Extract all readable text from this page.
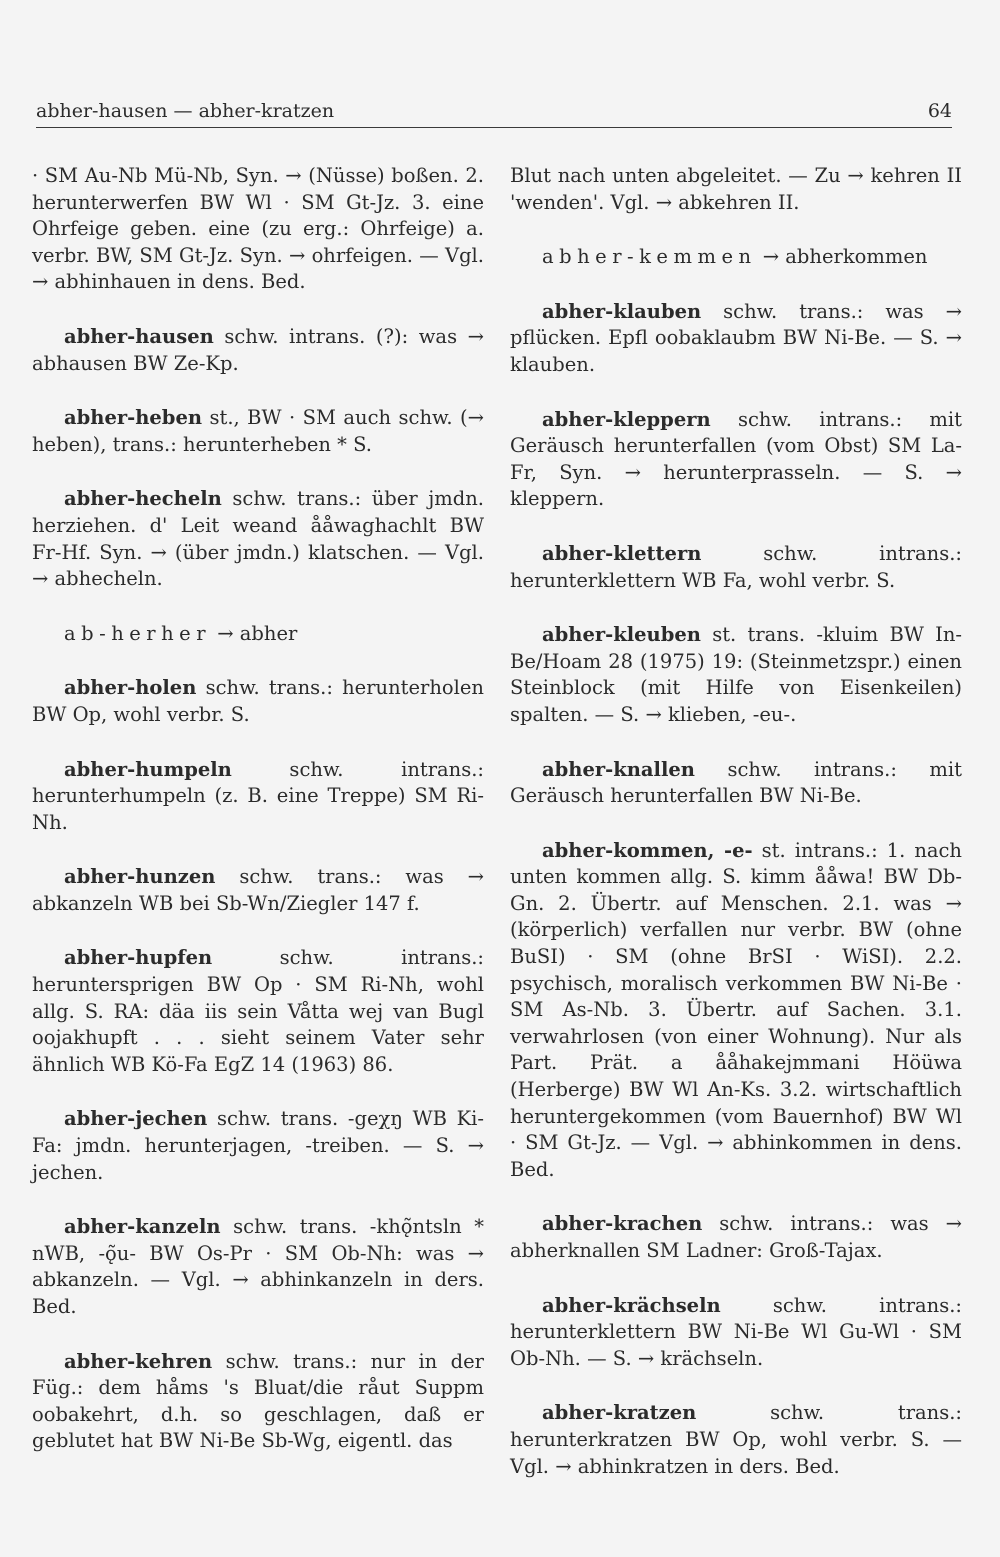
abher-hausen — abher-kratzen	64

· SM Au-Nb Mü-Nb, Syn. → (Nüsse) boßen. 2. herunterwerfen BW Wl · SM Gt-Jz. 3. eine Ohrfeige geben. eine (zu erg.: Ohrfeige) a. verbr. BW, SM Gt-Jz. Syn. → ohrfeigen. — Vgl. → abhinhauen in dens. Bed.

abher-hausen schw. intrans. (?): was → abhausen BW Ze-Kp.

abher-heben st., BW · SM auch schw. (→ heben), trans.: herunterheben * S.

abher-hecheln schw. trans.: über jmdn. herziehen. d' Leit weand ååwaghachlt BW Fr-Hf. Syn. → (über jmdn.) klatschen. — Vgl. → abhecheln.

ab-herher → abher

abher-holen schw. trans.: herunterholen BW Op, wohl verbr. S.

abher-humpeln schw. intrans.: herunterhumpeln (z. B. eine Treppe) SM Ri-Nh.

abher-hunzen schw. trans.: was → abkanzeln WB bei Sb-Wn/Ziegler 147 f.

abher-hupfen schw. intrans.: heruntersprigen BW Op · SM Ri-Nh, wohl allg. S. RA: däa iis sein Våtta wej van Bugl oojakhupft . . . sieht seinem Vater sehr ähnlich WB Kö-Fa EgZ 14 (1963) 86.

abher-jechen schw. trans. -geχŋ WB Ki-Fa: jmdn. herunterjagen, -treiben. — S. → jechen.

abher-kanzeln schw. trans. -khǫ̃ntsln * nWB, -ǫ̃u- BW Os-Pr · SM Ob-Nh: was → abkanzeln. — Vgl. → abhinkanzeln in ders. Bed.

abher-kehren schw. trans.: nur in der Füg.: dem håms 's Bluat/die råut Suppm oobakehrt, d.h. so geschlagen, daß er geblutet hat BW Ni-Be Sb-Wg, eigentl. das

Blut nach unten abgeleitet. — Zu → kehren II 'wenden'. Vgl. → abkehren II.

abher-kemmen → abherkommen

abher-klauben schw. trans.: was → pflücken. Epfl oobaklaubm BW Ni-Be. — S. → klauben.

abher-kleppern schw. intrans.: mit Geräusch herunterfallen (vom Obst) SM La-Fr, Syn. → herunterprasseln. — S. → kleppern.

abher-klettern schw. intrans.: herunterklettern WB Fa, wohl verbr. S.

abher-kleuben st. trans. -kluim BW In-Be/Hoam 28 (1975) 19: (Steinmetzspr.) einen Steinblock (mit Hilfe von Eisenkeilen) spalten. — S. → klieben, -eu-.

abher-knallen schw. intrans.: mit Geräusch herunterfallen BW Ni-Be.

abher-kommen, -e- st. intrans.: 1. nach unten kommen allg. S. kimm ååwa! BW Db-Gn. 2. Übertr. auf Menschen. 2.1. was → (körperlich) verfallen nur verbr. BW (ohne BuSI) · SM (ohne BrSI · WiSI). 2.2. psychisch, moralisch verkommen BW Ni-Be · SM As-Nb. 3. Übertr. auf Sachen. 3.1. verwahrlosen (von einer Wohnung). Nur als Part. Prät. a ååhakejmmani Höüwa (Herberge) BW Wl An-Ks. 3.2. wirtschaftlich heruntergekommen (vom Bauernhof) BW Wl · SM Gt-Jz. — Vgl. → abhinkommen in dens. Bed.

abher-krachen schw. intrans.: was → abherknallen SM Ladner: Groß-Tajax.

abher-krächseln schw. intrans.: herunterklettern BW Ni-Be Wl Gu-Wl · SM Ob-Nh. — S. → krächseln.

abher-kratzen schw. trans.: herunterkratzen BW Op, wohl verbr. S. — Vgl. → abhinkratzen in ders. Bed.
